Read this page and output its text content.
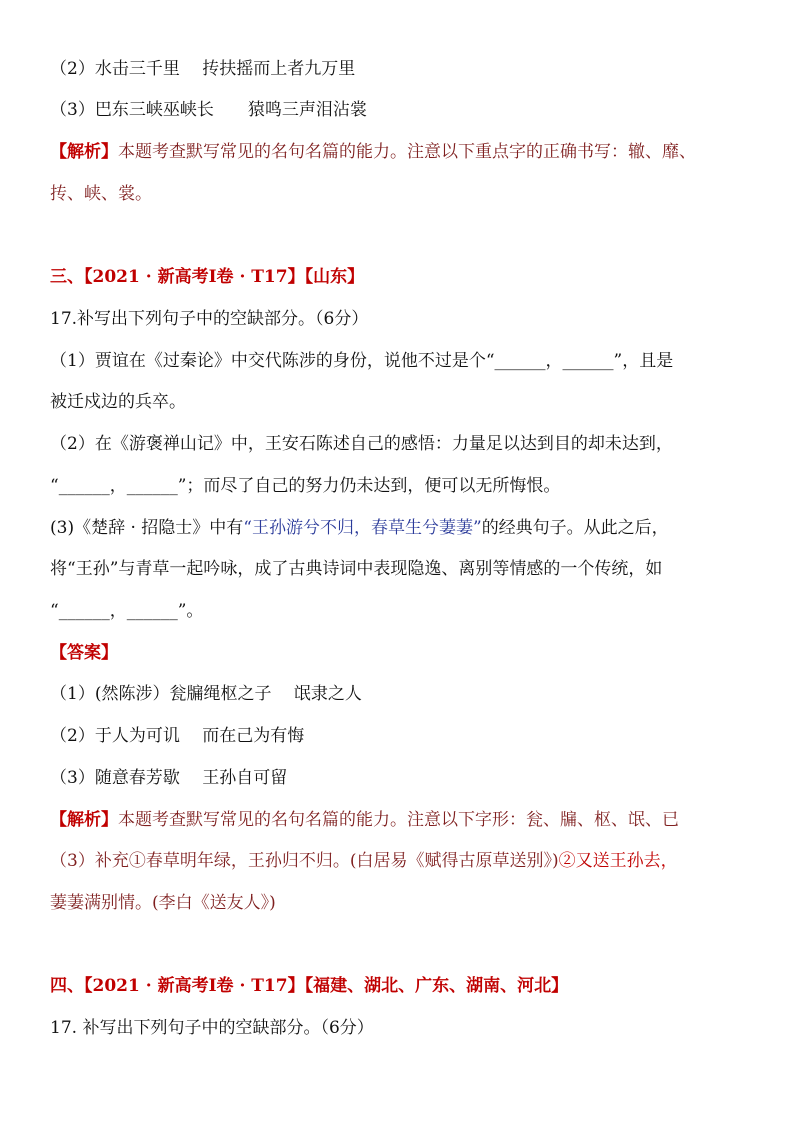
（2）水击三千里　 抟扶摇而上者九万里
（3）巴东三峡巫峡长　　猿鸣三声泪沾裳
【解析】本题考查默写常见的名句名篇的能力。注意以下重点字的正确书写：辙、靡、
抟、峡、裳。
三、【2021 · 新高考Ⅰ卷 · T17】【山东】
17.补写出下列句子中的空缺部分。（6分）
（1）贾谊在《过秦论》中交代陈涉的身份，说他不过是个“______，______”，且是
被迁戍边的兵卒。
（2）在《游褒禅山记》中，王安石陈述自己的感悟：力量足以达到目的却未达到，
“______，______”；而尽了自己的努力仍未达到，便可以无所悔恨。
(3)《楚辞 · 招隐士》中有“王孙游兮不归，春草生兮萋萋”的经典句子。从此之后，
将“王孙”与青草一起吟咏，成了古典诗词中表现隐逸、离别等情感的一个传统，如
“______，______”。
【答案】
（1）(然陈涉）瓮牖绳枢之子　 氓隶之人
（2）于人为可讥　 而在己为有悔
（3）随意春芳歇　 王孙自可留
【解析】本题考查默写常见的名句名篇的能力。注意以下字形：瓮、牖、枢、氓、已
（3）补充①春草明年绿，王孙归不归。(白居易《赋得古原草送别》)②又送王孙去，
萋萋满别情。(李白《送友人》)
四、【2021 · 新高考Ⅰ卷 · T17】【福建、湖北、广东、湖南、河北】
17. 补写出下列句子中的空缺部分。（6分）
